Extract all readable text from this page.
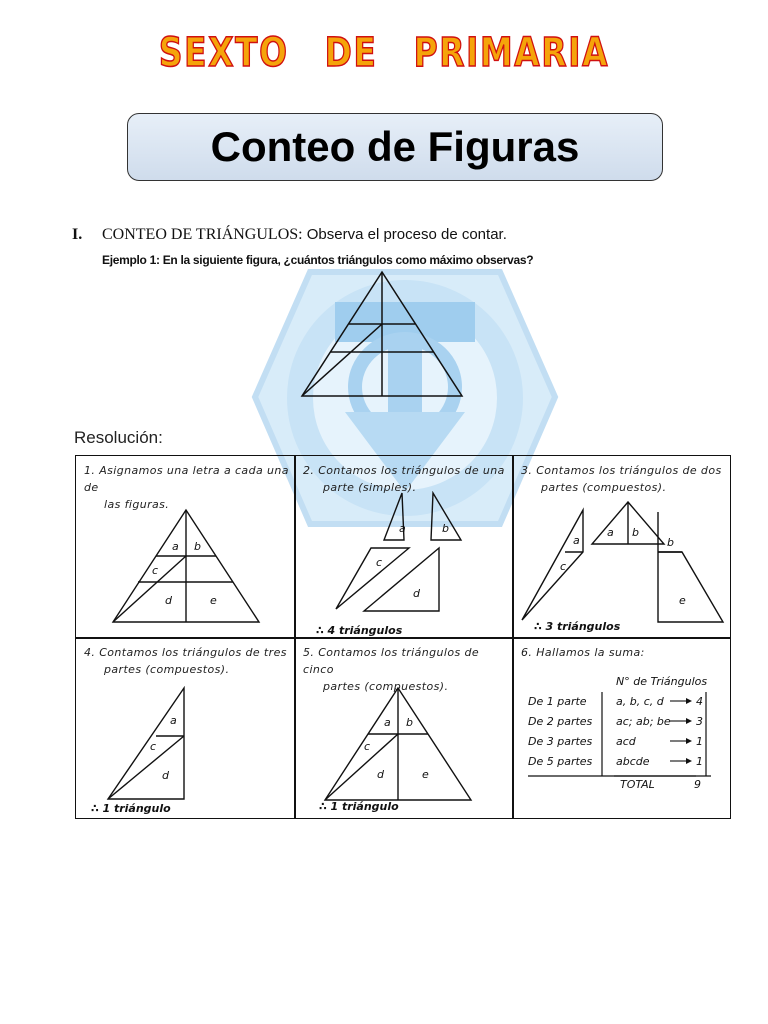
SEXTO DE PRIMARIA
Conteo de Figuras
I. CONTEO DE TRIÁNGULOS: Observa el proceso de contar.
Ejemplo 1: En la siguiente figura, ¿cuántos triángulos como máximo observas?
Resolución:
1. Asignamos una letra a cada una de
las figuras.
a b
c
d	e
2. Contamos los triángulos de una
parte (simples).
a	b
c
d
∴ 4 triángulos
3. Contamos los triángulos de dos
partes (compuestos).
a
c
a b
b
e
∴ 3 triángulos
4. Contamos los triángulos de tres
partes (compuestos).
a
c
d
∴ 1 triángulo
5. Contamos los triángulos de cinco
partes (compuestos).
a b
c
d	e
∴ 1 triángulo
6. Hallamos la suma:
N° de Triángulos
De 1 parte	a, b, c, d	4
De 2 partes ac; ab; be 3
De 3 partes acd	1
De 5 partes abcde	1
TOTAL	9
